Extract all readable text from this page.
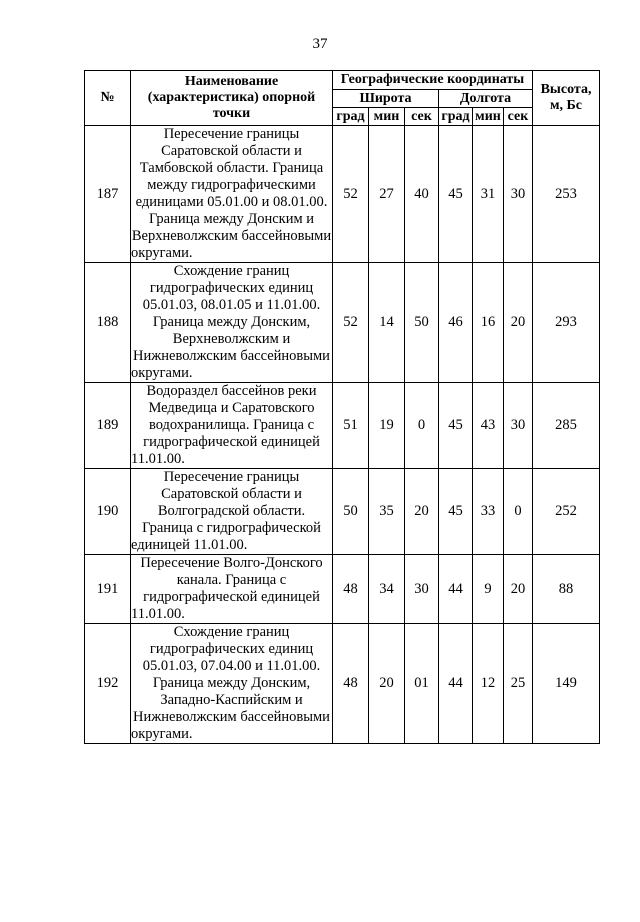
37
№	Наименование (характеристика) опорной точки	Географические координаты						Высота, м, Бс
		Широта			Долгота			
		град	мин	сек	град	мин	сек	
187	Пересечение границы Саратовской области и Тамбовской области. Граница между гидрографическими единицами 05.01.00 и 08.01.00. Граница между Донским и Верхневолжским бассейновыми округами.	52	27	40	45	31	30	253
188	Схождение границ гидрографических единиц 05.01.03, 08.01.05 и 11.01.00. Граница между Донским, Верхневолжским и Нижневолжским бассейновыми округами.	52	14	50	46	16	20	293
189	Водораздел бассейнов реки Медведица и Саратовского водохранилища. Граница с гидрографической единицей 11.01.00.	51	19	0	45	43	30	285
190	Пересечение границы Саратовской области и Волгоградской области. Граница с гидрографической единицей 11.01.00.	50	35	20	45	33	0	252
191	Пересечение Волго-Донского канала. Граница с гидрографической единицей 11.01.00.	48	34	30	44	9	20	88
192	Схождение границ гидрографических единиц 05.01.03, 07.04.00 и 11.01.00. Граница между Донским, Западно-Каспийским и Нижневолжским бассейновыми округами.	48	20	01	44	12	25	149
